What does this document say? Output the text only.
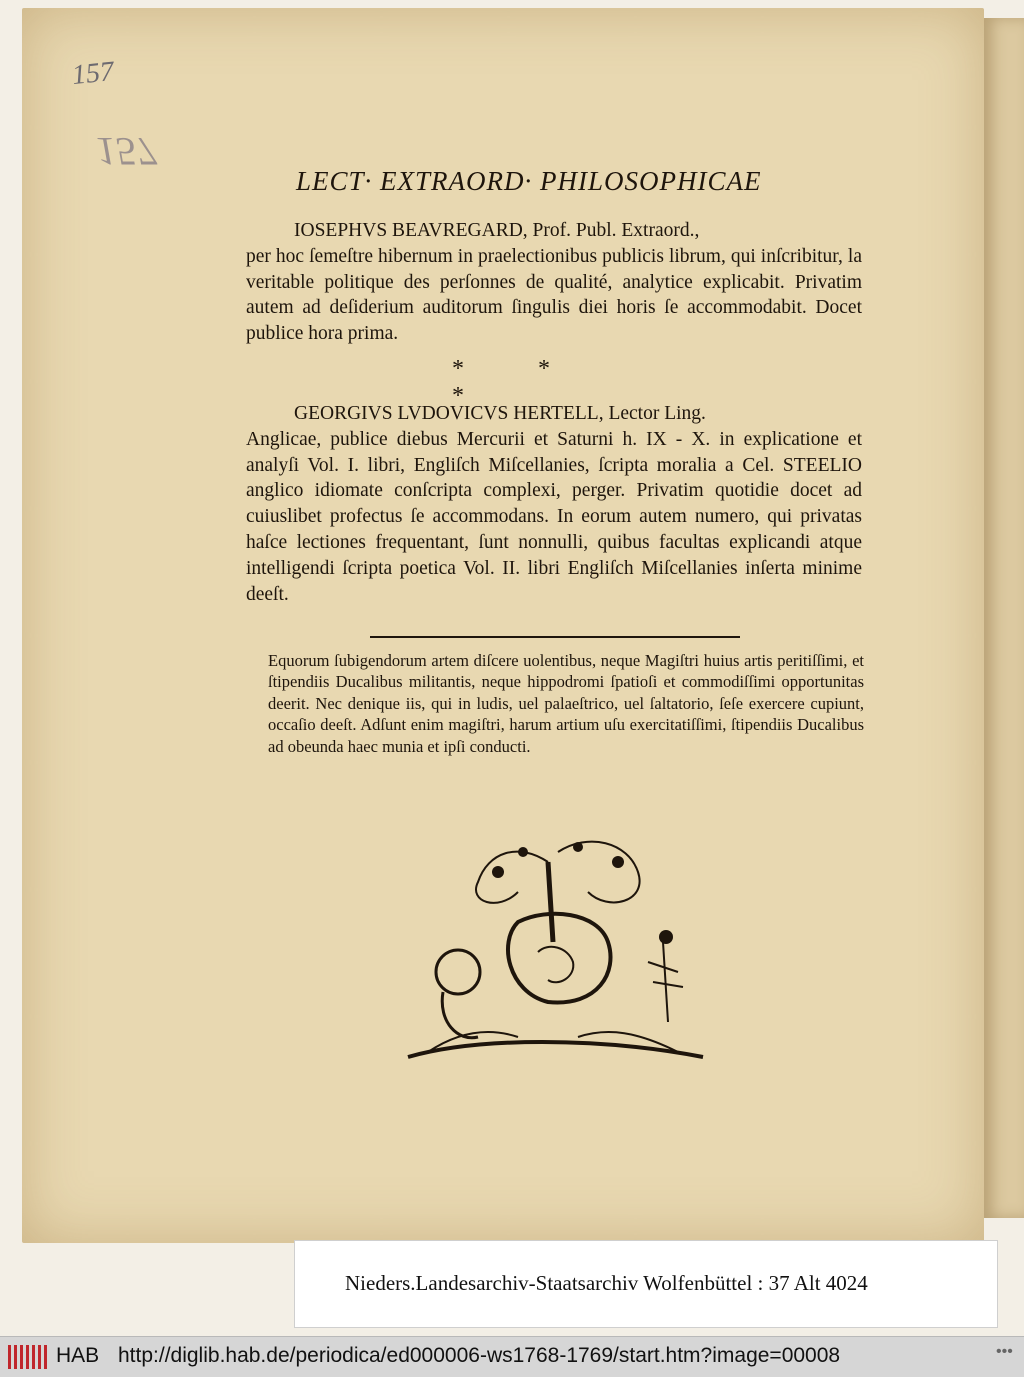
157
157
LECT· EXTRAORD· PHILOSOPHICAE
IOSEPHVS BEAVREGARD, Prof. Publ. Extraord.,
per hoc ſemeſtre hibernum in praelectionibus publicis librum, qui inſcribitur, la veritable politique des perſonnes de qualité, analytice explicabit. Privatim autem ad deſiderium auditorum ſingulis diei horis ſe accommodabit. Docet publice hora prima.
* * *
GEORGIVS LVDOVICVS HERTELL, Lector Ling.
Anglicae, publice diebus Mercurii et Saturni h. IX - X. in explicatione et analyſi Vol. I. libri, Engliſch Miſcellanies, ſcripta moralia a Cel. STEELIO anglico idiomate conſcripta complexi, perger. Privatim quotidie docet ad cuiuslibet profectus ſe accommodans. In eorum autem numero, qui privatas haſce lectiones frequentant, ſunt nonnulli, quibus facultas explicandi atque intelligendi ſcripta poetica Vol. II. libri Engliſch Miſcellanies inſerta minime deeſt.
Equorum ſubigendorum artem diſcere uolentibus, neque Magiſtri huius artis peritiſſimi, et ſtipendiis Ducalibus militantis, neque hippodromi ſpatioſi et commodiſſimi opportunitas deerit. Nec denique iis, qui in ludis, uel palaeſtrico, uel ſaltatorio, ſeſe exercere cupiunt, occaſio deeſt. Adſunt enim magiſtri, harum artium uſu exercitatiſſimi, ſtipendiis Ducalibus ad obeunda haec munia et ipſi conducti.
Nieders.Landesarchiv-Staatsarchiv Wolfenbüttel : 37 Alt 4024
HAB http://diglib.hab.de/periodica/ed000006-ws1768-1769/start.htm?image=00008	•••
